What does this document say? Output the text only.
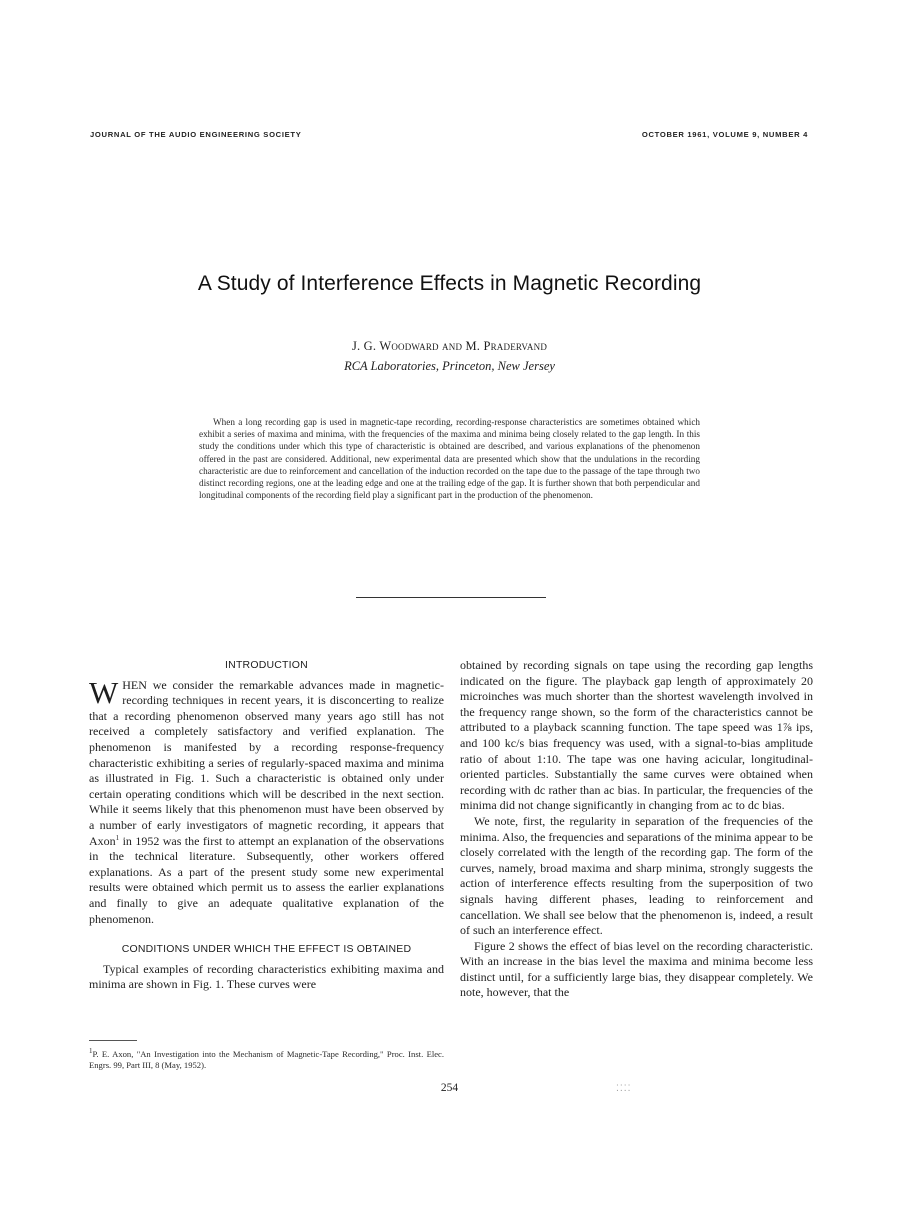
JOURNAL OF THE AUDIO ENGINEERING SOCIETY	OCTOBER 1961, VOLUME 9, NUMBER 4
A Study of Interference Effects in Magnetic Recording
J. G. Woodward and M. Pradervand
RCA Laboratories, Princeton, New Jersey
When a long recording gap is used in magnetic-tape recording, recording-response characteristics are sometimes obtained which exhibit a series of maxima and minima, with the frequencies of the maxima and minima being closely related to the gap length. In this study the conditions under which this type of characteristic is obtained are described, and various explanations of the phenomenon offered in the past are considered. Additional, new experimental data are presented which show that the undulations in the recording characteristic are due to reinforcement and cancellation of the induction recorded on the tape due to the passage of the tape through two distinct recording regions, one at the leading edge and one at the trailing edge of the gap. It is further shown that both perpendicular and longitudinal components of the recording field play a significant part in the production of the phenomenon.
INTRODUCTION

WHEN we consider the remarkable advances made in magnetic-recording techniques in recent years, it is disconcerting to realize that a recording phenomenon observed many years ago still has not received a completely satisfactory and verified explanation. The phenomenon is manifested by a recording response-frequency characteristic exhibiting a series of regularly-spaced maxima and minima as illustrated in Fig. 1. Such a characteristic is obtained only under certain operating conditions which will be described in the next section. While it seems likely that this phenomenon must have been observed by a number of early investigators of magnetic recording, it appears that Axon$^1$ in 1952 was the first to attempt an explanation of the observations in the technical literature. Subsequently, other workers offered explanations. As a part of the present study some new experimental results were obtained which permit us to assess the earlier explanations and finally to give an adequate qualitative explanation of the phenomenon.

CONDITIONS UNDER WHICH THE EFFECT IS OBTAINED

Typical examples of recording characteristics exhibiting maxima and minima are shown in Fig. 1. These curves were

obtained by recording signals on tape using the recording gap lengths indicated on the figure. The playback gap length of approximately 20 microinches was much shorter than the shortest wavelength involved in the frequency range shown, so the form of the characteristics cannot be attributed to a playback scanning function. The tape speed was 1⅞ ips, and 100 kc/s bias frequency was used, with a signal-to-bias amplitude ratio of about 1:10. The tape was one having acicular, longitudinal-oriented particles. Substantially the same curves were obtained when recording with dc rather than ac bias. In particular, the frequencies of the minima did not change significantly in changing from ac to dc bias.

We note, first, the regularity in separation of the frequencies of the minima. Also, the frequencies and separations of the minima appear to be closely correlated with the length of the recording gap. The form of the curves, namely, broad maxima and sharp minima, strongly suggests the action of interference effects resulting from the superposition of two signals having different phases, leading to reinforcement and cancellation. We shall see below that the phenomenon is, indeed, a result of such an interference effect.

Figure 2 shows the effect of bias level on the recording characteristic. With an increase in the bias level the maxima and minima become less distinct until, for a sufficiently large bias, they disappear completely. We note, however, that the

$^1$P. E. Axon, "An Investigation into the Mechanism of Magnetic-Tape Recording," Proc. Inst. Elec. Engrs. 99, Part III, 8 (May, 1952).
254	⁚⁚⁚⁚
